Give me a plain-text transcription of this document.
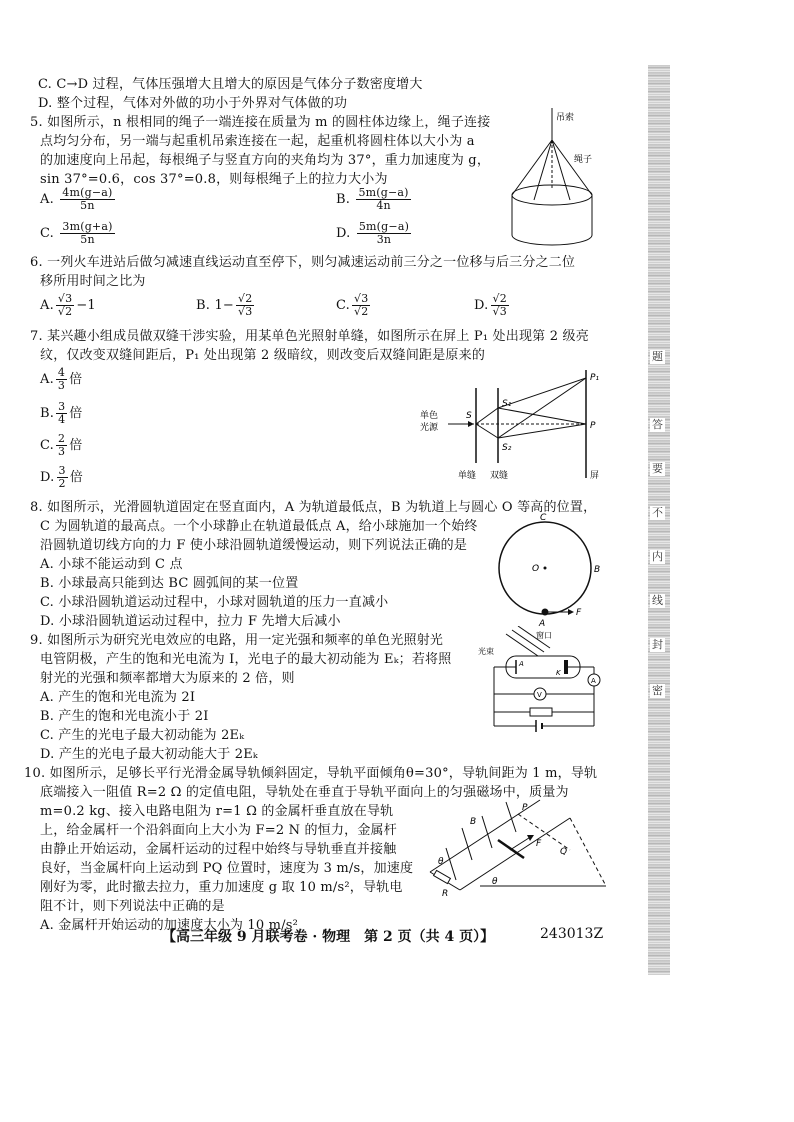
题
答
要
不
内
线
封
密
C. C→D 过程，气体压强增大且增大的原因是气体分子数密度增大
D. 整个过程，气体对外做的功小于外界对气体做的功
5. 如图所示，n 根相同的绳子一端连接在质量为 m 的圆柱体边缘上，绳子连接
点均匀分布，另一端与起重机吊索连接在一起，起重机将圆柱体以大小为 a
的加速度向上吊起，每根绳子与竖直方向的夹角均为 37°，重力加速度为 g，
sin 37°=0.6，cos 37°=0.8，则每根绳子上的拉力大小为
A. $\frac{4m(g-a)}{5n}$	B. $\frac{5m(g-a)}{4n}$
C. $\frac{3m(g+a)}{5n}$	D. $\frac{5m(g-a)}{3n}$
吊索
绳子
6. 一列火车进站后做匀减速直线运动直至停下，则匀减速运动前三分之一位移与后三分之二位
移所用时间之比为
A. $\frac{√3}{√2} -1$	B. $1- \frac{√2}{√3}$	C. $\frac{√3}{√2}$	D. $\frac{√2}{√3}$
7. 某兴趣小组成员做双缝干涉实验，用某单色光照射单缝，如图所示在屏上 P₁ 处出现第 2 级亮
纹，仅改变双缝间距后，P₁ 处出现第 2 级暗纹，则改变后双缝间距是原来的
A. $\frac{4}{3}$ 倍
B. $\frac{3}{4}$ 倍
C. $\frac{2}{3}$ 倍
D. $\frac{3}{2}$ 倍
单色
光源
S
S₁
S₂
P₁
P
单缝 双缝	屏
8. 如图所示，光滑圆轨道固定在竖直面内，A 为轨道最低点，B 为轨道上与圆心 O 等高的位置，
C 为圆轨道的最高点。一个小球静止在轨道最低点 A，给小球施加一个始终
沿圆轨道切线方向的力 F 使小球沿圆轨道缓慢运动，则下列说法正确的是
A. 小球不能运动到 C 点
B. 小球最高只能到达 BC 圆弧间的某一位置
C. 小球沿圆轨道运动过程中，小球对圆轨道的压力一直减小
D. 小球沿圆轨道运动过程中，拉力 F 先增大后减小
C
O	B
A
F
9. 如图所示为研究光电效应的电路，用一定光强和频率的单色光照射光
电管阴极，产生的饱和光电流为 I，光电子的最大初动能为 Eₖ；若将照
射光的光强和频率都增大为原来的 2 倍，则
A. 产生的饱和光电流为 2I
B. 产生的饱和光电流小于 2I
C. 产生的光电子最大初动能为 2Eₖ
D. 产生的光电子最大初动能大于 2Eₖ
窗口
光束
A
K
V
A
10. 如图所示，足够长平行光滑金属导轨倾斜固定，导轨平面倾角θ=30°，导轨间距为 1 m，导轨
底端接入一阻值 R=2 Ω 的定值电阻，导轨处在垂直于导轨平面向上的匀强磁场中，质量为
m=0.2 kg、接入电路电阻为 r=1 Ω 的金属杆垂直放在导轨
上，给金属杆一个沿斜面向上大小为 F=2 N 的恒力，金属杆
由静止开始运动，金属杆运动的过程中始终与导轨垂直并接触
良好，当金属杆向上运动到 PQ 位置时，速度为 3 m/s，加速度
刚好为零，此时撤去拉力，重力加速度 g 取 10 m/s²，导轨电
阻不计，则下列说法中正确的是
A. 金属杆开始运动的加速度大小为 10 m/s²
B
P
F
Q
R
θ
θ
【高三年级 9 月联考卷 · 物理　第 2 页（共 4 页）】	243013Z
